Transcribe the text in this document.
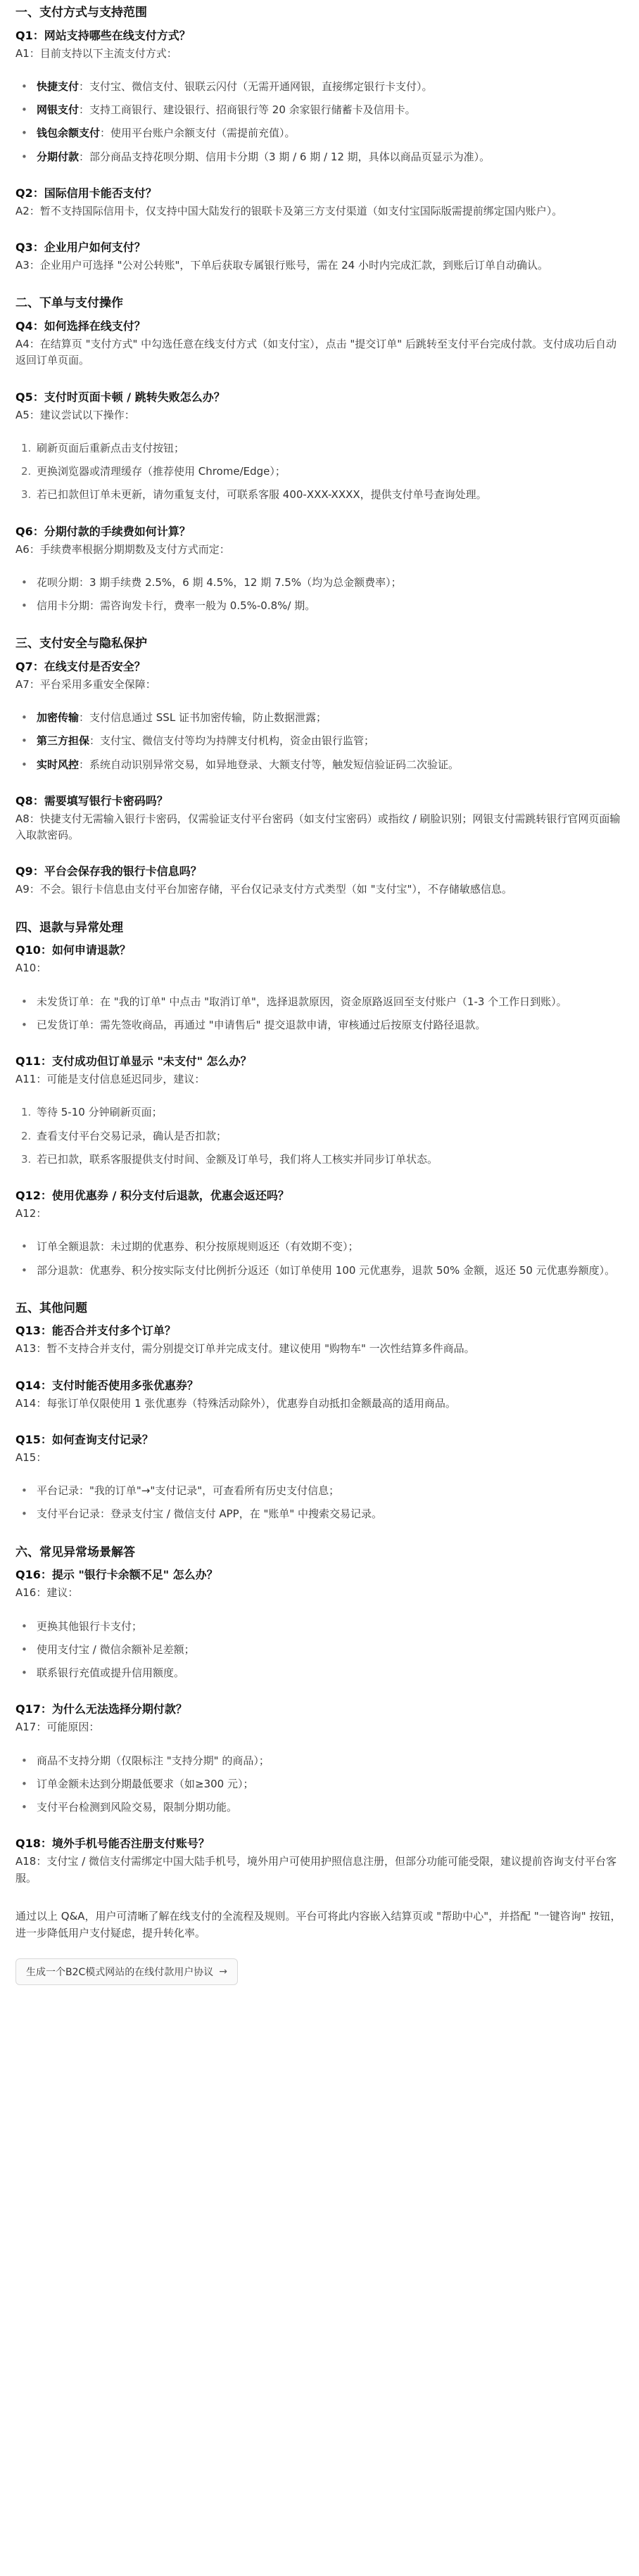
一、支付方式与支持范围
Q1：网站支持哪些在线支付方式？
A1：目前支持以下主流支付方式：
• 快捷支付：支付宝、微信支付、银联云闪付（无需开通网银，直接绑定银行卡支付）。
• 网银支付：支持工商银行、建设银行、招商银行等 20 余家银行储蓄卡及信用卡。
• 钱包余额支付：使用平台账户余额支付（需提前充值）。
• 分期付款：部分商品支持花呗分期、信用卡分期（3 期 / 6 期 / 12 期，具体以商品页显示为准）。
Q2：国际信用卡能否支付？
A2：暂不支持国际信用卡，仅支持中国大陆发行的银联卡及第三方支付渠道（如支付宝国际版需提前绑定国内账户）。
Q3：企业用户如何支付？
A3：企业用户可选择 "公对公转账"，下单后获取专属银行账号，需在 24 小时内完成汇款，到账后订单自动确认。
二、下单与支付操作
Q4：如何选择在线支付？
A4：在结算页 "支付方式" 中勾选任意在线支付方式（如支付宝），点击 "提交订单" 后跳转至支付平台完成付款。支付成功后自动返回订单页面。
Q5：支付时页面卡顿 / 跳转失败怎么办？
A5：建议尝试以下操作：
1. 刷新页面后重新点击支付按钮；
2. 更换浏览器或清理缓存（推荐使用 Chrome/Edge）；
3. 若已扣款但订单未更新，请勿重复支付，可联系客服 400-XXX-XXXX，提供支付单号查询处理。
Q6：分期付款的手续费如何计算？
A6：手续费率根据分期期数及支付方式而定：
• 花呗分期：3 期手续费 2.5%，6 期 4.5%，12 期 7.5%（均为总金额费率）；
• 信用卡分期：需咨询发卡行，费率一般为 0.5%-0.8%/ 期。
三、支付安全与隐私保护
Q7：在线支付是否安全？
A7：平台采用多重安全保障：
• 加密传输：支付信息通过 SSL 证书加密传输，防止数据泄露；
• 第三方担保：支付宝、微信支付等均为持牌支付机构，资金由银行监管；
• 实时风控：系统自动识别异常交易，如异地登录、大额支付等，触发短信验证码二次验证。
Q8：需要填写银行卡密码吗？
A8：快捷支付无需输入银行卡密码，仅需验证支付平台密码（如支付宝密码）或指纹 / 刷脸识别；网银支付需跳转银行官网页面输入取款密码。
Q9：平台会保存我的银行卡信息吗？
A9：不会。银行卡信息由支付平台加密存储，平台仅记录支付方式类型（如 "支付宝"），不存储敏感信息。
四、退款与异常处理
Q10：如何申请退款？
A10：
• 未发货订单：在 "我的订单" 中点击 "取消订单"，选择退款原因，资金原路返回至支付账户（1-3 个工作日到账）。
• 已发货订单：需先签收商品，再通过 "申请售后" 提交退款申请，审核通过后按原支付路径退款。
Q11：支付成功但订单显示 "未支付" 怎么办？
A11：可能是支付信息延迟同步，建议：
1. 等待 5-10 分钟刷新页面；
2. 查看支付平台交易记录，确认是否扣款；
3. 若已扣款，联系客服提供支付时间、金额及订单号，我们将人工核实并同步订单状态。
Q12：使用优惠券 / 积分支付后退款，优惠会返还吗？
A12：
• 订单全额退款：未过期的优惠券、积分按原规则返还（有效期不变）；
• 部分退款：优惠券、积分按实际支付比例折分返还（如订单使用 100 元优惠券，退款 50% 金额，返还 50 元优惠券额度）。
五、其他问题
Q13：能否合并支付多个订单？
A13：暂不支持合并支付，需分别提交订单并完成支付。建议使用 "购物车" 一次性结算多件商品。
Q14：支付时能否使用多张优惠券？
A14：每张订单仅限使用 1 张优惠券（特殊活动除外），优惠券自动抵扣金额最高的适用商品。
Q15：如何查询支付记录？
A15：
• 平台记录："我的订单"→"支付记录"，可查看所有历史支付信息；
• 支付平台记录：登录支付宝 / 微信支付 APP，在 "账单" 中搜索交易记录。
六、常见异常场景解答
Q16：提示 "银行卡余额不足" 怎么办？
A16：建议：
• 更换其他银行卡支付；
• 使用支付宝 / 微信余额补足差额；
• 联系银行充值或提升信用额度。
Q17：为什么无法选择分期付款？
A17：可能原因：
• 商品不支持分期（仅限标注 "支持分期" 的商品）；
• 订单金额未达到分期最低要求（如≥300 元）；
• 支付平台检测到风险交易，限制分期功能。
Q18：境外手机号能否注册支付账号？
A18：支付宝 / 微信支付需绑定中国大陆手机号，境外用户可使用护照信息注册，但部分功能可能受限，建议提前咨询支付平台客服。
通过以上 Q&A，用户可清晰了解在线支付的全流程及规则。平台可将此内容嵌入结算页或 "帮助中心"，并搭配 "一键咨询" 按钮，进一步降低用户支付疑虑，提升转化率。
生成一个B2C模式网站的在线付款用户协议 →
